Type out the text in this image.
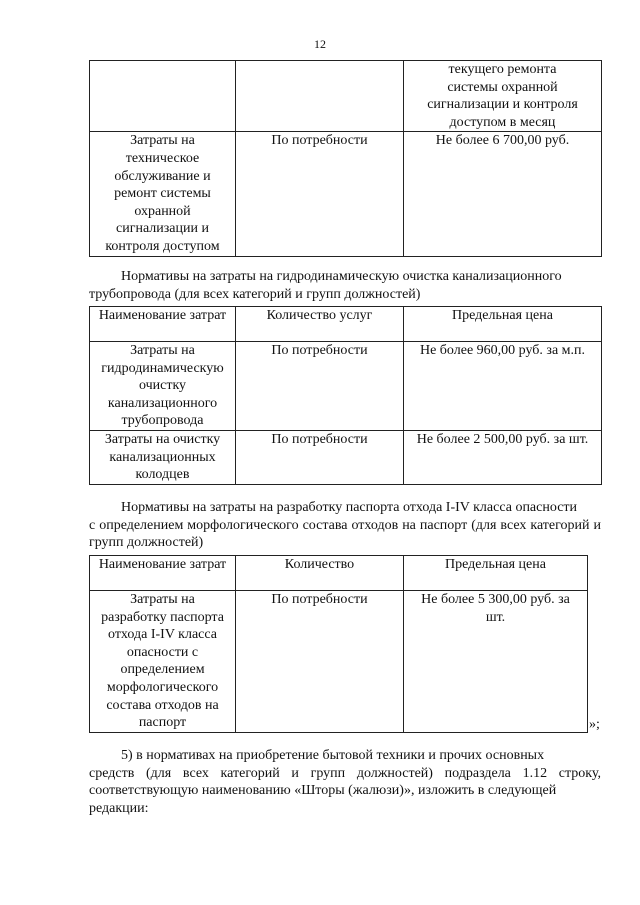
12
		текущего ремонта системы охранной сигнализации и контроля доступом в месяц
Затраты на техническое обслуживание и ремонт системы охранной сигнализации и контроля доступом	По потребности	Не более 6 700,00 руб.
Нормативы на затраты на гидродинамическую очистка канализационного
трубопровода (для всех категорий и групп должностей)
Наименование затрат	Количество услуг	Предельная цена
Затраты на гидродинамическую очистку канализационного трубопровода	По потребности	Не более 960,00 руб. за м.п.
Затраты на очистку канализационных колодцев	По потребности	Не более 2 500,00 руб. за шт.
Нормативы на затраты на разработку паспорта отхода I-IV класса опасности
с определением морфологического состава отходов на паспорт (для всех категорий и групп должностей)
Наименование затрат	Количество	Предельная цена
Затраты на разработку паспорта отхода I-IV класса опасности с определением морфологического состава отходов на паспорт	По потребности	Не более 5 300,00 руб. за шт.
»;
5) в нормативах на приобретение бытовой техники и прочих основных
средств (для всех категорий и групп должностей) подраздела 1.12 строку, соответствующую наименованию «Шторы (жалюзи)», изложить в следующей
редакции:
